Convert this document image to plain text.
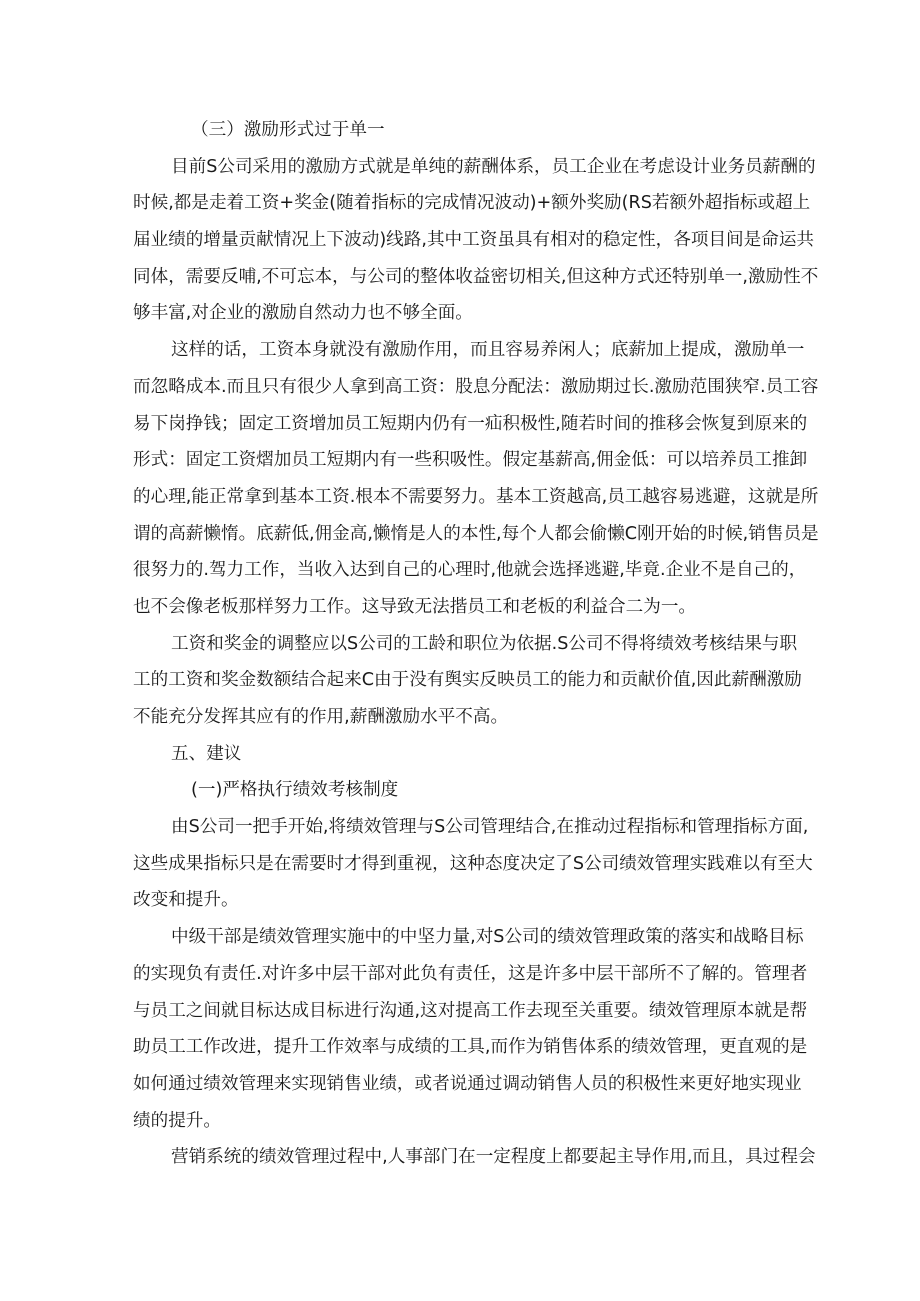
（三）激励形式过于单一
目前S公司采用的激励方式就是单纯的薪酬体系，员工企业在考虑设计业务员薪酬的
时候,都是走着工资+奖金(随着指标的完成情况波动)+额外奖励(RS若额外超指标或超上
届业绩的增量贡献情况上下波动)线路,其中工资虽具有相对的稳定性，各项目间是命运共
同体，需要反哺,不可忘本，与公司的整体收益密切相关,但这种方式还特别单一,激励性不
够丰富,对企业的激励自然动力也不够全面。
这样的话，工资本身就没有激励作用，而且容易养闲人；底薪加上提成，激励单一
而忽略成本.而且只有很少人拿到高工资：股息分配法：激励期过长.激励范围狭窄.员工容
易下岗挣钱；固定工资增加员工短期内仍有一疝积极性,随若时间的推移会恢复到原来的
形式：固定工资熠加员工短期内有一些积吸性。假定基薪高,佣金低：可以培养员工推卸
的心理,能正常拿到基本工资.根本不需要努力。基本工资越高,员工越容易逃避，这就是所
谓的高薪懒惰。底薪低,佣金高,懒惰是人的本性,每个人都会偷懒C刚开始的时候,销售员是
很努力的.驾力工作，当收入达到自己的心理时,他就会选择逃避,毕竟.企业不是自己的，
也不会像老板那样努力工作。这导致无法揩员工和老板的利益合二为一。
工资和奖金的调整应以S公司的工龄和职位为依据.S公司不得将绩效考核结果与职
工的工资和奖金数额结合起来C由于没有舆实反映员工的能力和贡献价值,因此薪酬激励
不能充分发挥其应有的作用,薪酬激励水平不高。
五、建议
(一)严格执行绩效考核制度
由S公司一把手开始,将绩效管理与S公司管理结合,在推动过程指标和管理指标方面,
这些成果指标只是在需要时才得到重视，这种态度决定了S公司绩效管理实践难以有至大
改变和提升。
中级干部是绩效管理实施中的中坚力量,对S公司的绩效管理政策的落实和战略目标
的实现负有责任.对许多中层干部对此负有责任，这是许多中层干部所不了解的。管理者
与员工之间就目标达成目标进行沟通,这对提高工作去现至关重要。绩效管理原本就是帮
助员工工作改进，提升工作效率与成绩的工具,而作为销售体系的绩效管理，更直观的是
如何通过绩效管理来实现销售业绩，或者说通过调动销售人员的积极性来更好地实现业
绩的提升。
营销系统的绩效管理过程中,人事部门在一定程度上都要起主导作用,而且，具过程会
